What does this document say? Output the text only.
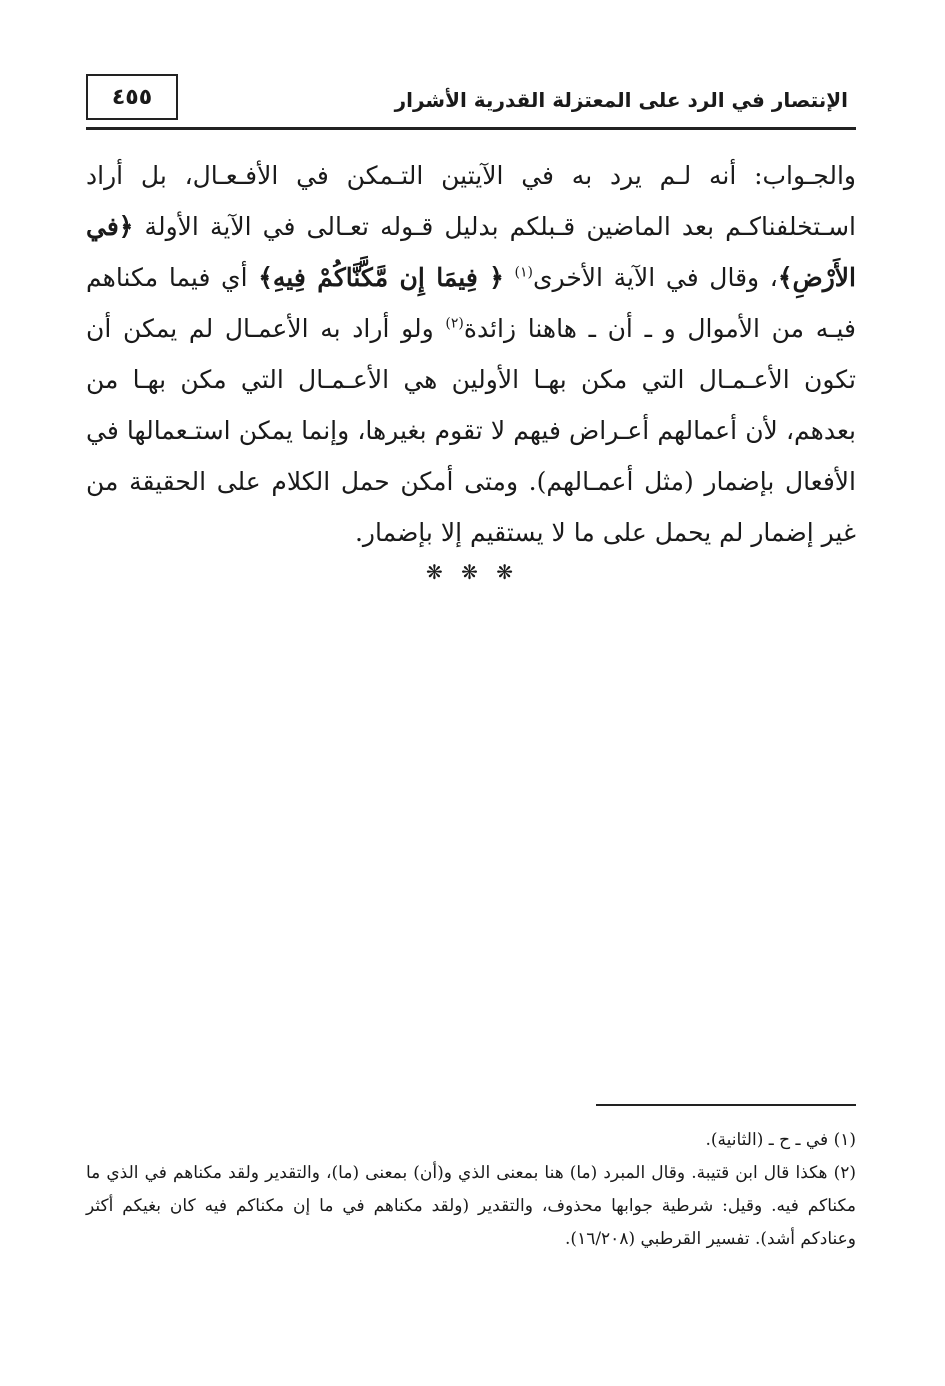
الإنتصار في الرد على المعتزلة القدرية الأشرار
٤٥٥

والجـواب: أنه لـم يرد به في الآيتين التـمكن في الأفـعـال، بل أراد اسـتخلفناكـم بعد الماضين قـبلكم بدليل قـوله تعـالى في الآية الأولة ﴿في الأَرْضِ﴾، وقال في الآية الأخرى$^{(١)}$ ﴿ فِيمَا إِن مَّكَّنَّاكُمْ فِيهِ﴾ أي فيما مكناهم فيـه من الأموال و ـ أن ـ هاهنا زائدة$^{(٢)}$ ولو أراد به الأعمـال لم يمكن أن تكون الأعـمـال التي مكن بهـا الأولين هي الأعـمـال التي مكن بهـا من بعدهم، لأن أعمالهم أعـراض فيهم لا تقوم بغيرها، وإنما يمكن استـعمالها في الأفعال بإضمار (مثل أعمـالهم). ومتى أمكن حمل الكلام على الحقيقة من غير إضمار لم يحمل على ما لا يستقيم إلا بإضمار.

❋ ❋ ❋

(١) في ـ ح ـ (الثانية).
(٢) هكذا قال ابن قتيبة. وقال المبرد (ما) هنا بمعنى الذي و(أن) بمعنى (ما)، والتقدير ولقد مكناهم في الذي ما مكناكم فيه. وقيل: شرطية جوابها محذوف، والتقدير (ولقد مكناهم في ما إن مكناكم فيه كان بغيكم أكثر وعنادكم أشد). تفسير القرطبي (١٦/٢٠٨).
